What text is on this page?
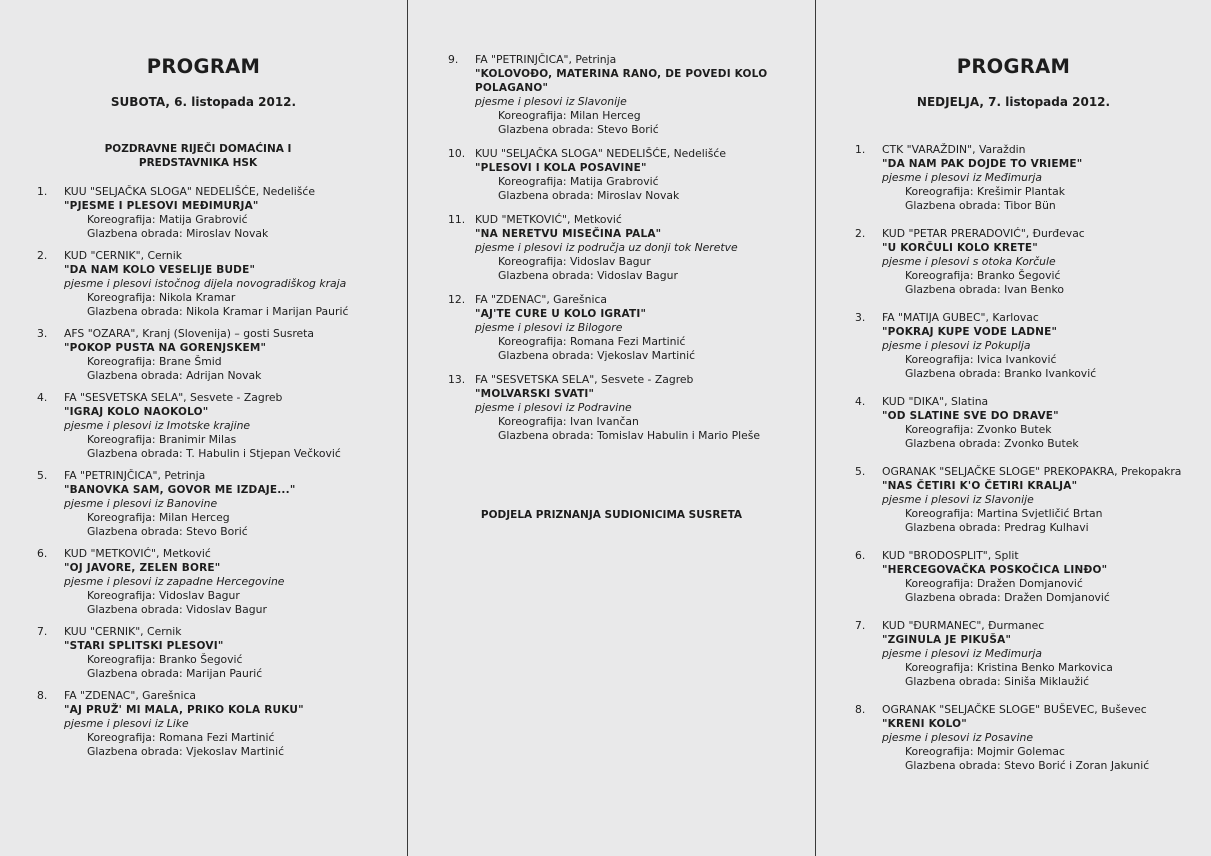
PROGRAM

SUBOTA, 6. listopada 2012.

POZDRAVNE RIJEČI DOMAĆINA I PREDSTAVNIKA HSK

1. KUU "SELJAČKA SLOGA" NEDELIŠĆE, Nedelišće
"PJESME I PLESOVI MEĐIMURJA"
Koreografija: Matija Grabrović
Glazbena obrada: Miroslav Novak
2. KUD "CERNIK", Cernik
"DA NAM KOLO VESELIJE BUDE"
pjesme i plesovi istočnog dijela novogradiškog kraja
Koreografija: Nikola Kramar
Glazbena obrada: Nikola Kramar i Marijan Paurić
3. AFS "OZARA", Kranj (Slovenija) – gosti Susreta
"POKOP PUSTA NA GORENJSKEM"
Koreografija: Brane Šmid
Glazbena obrada: Adrijan Novak
4. FA "SESVETSKA SELA", Sesvete - Zagreb
"IGRAJ KOLO NAOKOLO"
pjesme i plesovi iz Imotske krajine
Koreografija: Branimir Milas
Glazbena obrada: T. Habulin i Stjepan Večković
5. FA "PETRINJČICA", Petrinja
"BANOVKA SAM, GOVOR ME IZDAJE..."
pjesme i plesovi iz Banovine
Koreografija: Milan Herceg
Glazbena obrada: Stevo Borić
6. KUD "METKOVIĆ", Metković
"OJ JAVORE, ZELEN BORE"
pjesme i plesovi iz zapadne Hercegovine
Koreografija: Vidoslav Bagur
Glazbena obrada: Vidoslav Bagur
7. KUU "CERNIK", Cernik
"STARI SPLITSKI PLESOVI"
Koreografija: Branko Šegović
Glazbena obrada: Marijan Paurić
8. FA "ZDENAC", Garešnica
"AJ PRUŽ' MI MALA, PRIKO KOLA RUKU"
pjesme i plesovi iz Like
Koreografija: Romana Fezi Martinić
Glazbena obrada: Vjekoslav Martinić
9. FA "PETRINJČICA", Petrinja
"KOLOVOĐO, MATERINA RANO, DE POVEDI KOLO POLAGANO"
pjesme i plesovi iz Slavonije
Koreografija: Milan Herceg
Glazbena obrada: Stevo Borić
10. KUU "SELJAČKA SLOGA" NEDELIŠĆE, Nedelišće
"PLESOVI I KOLA POSAVINE"
Koreografija: Matija Grabrović
Glazbena obrada: Miroslav Novak
11. KUD "METKOVIĆ", Metković
"NA NERETVU MISEČINA PALA"
pjesme i plesovi iz područja uz donji tok Neretve
Koreografija: Vidoslav Bagur
Glazbena obrada: Vidoslav Bagur
12. FA "ZDENAC", Garešnica
"AJ'TE CURE U KOLO IGRATI"
pjesme i plesovi iz Bilogore
Koreografija: Romana Fezi Martinić
Glazbena obrada: Vjekoslav Martinić
13. FA "SESVETSKA SELA", Sesvete - Zagreb
"MOLVARSKI SVATI"
pjesme i plesovi iz Podravine
Koreografija: Ivan Ivančan
Glazbena obrada: Tomislav Habulin i Mario Pleše

PODJELA PRIZNANJA SUDIONICIMA SUSRETA

PROGRAM

NEDJELJA, 7. listopada 2012.

1. CTK "VARAŽDIN", Varaždin
"DA NAM PAK DOJDE TO VRIEME"
pjesme i plesovi iz Međimurja
Koreografija: Krešimir Plantak
Glazbena obrada: Tibor Bün
2. KUD "PETAR PRERADOVIĆ", Đurđevac
"U KORČULI KOLO KRETE"
pjesme i plesovi s otoka Korčule
Koreografija: Branko Šegović
Glazbena obrada: Ivan Benko
3. FA "MATIJA GUBEC", Karlovac
"POKRAJ KUPE VODE LADNE"
pjesme i plesovi iz Pokuplja
Koreografija: Ivica Ivanković
Glazbena obrada: Branko Ivanković
4. KUD "DIKA", Slatina
"OD SLATINE SVE DO DRAVE"
Koreografija: Zvonko Butek
Glazbena obrada: Zvonko Butek
5. OGRANAK "SELJAČKE SLOGE" PREKOPAKRA, Prekopakra
"NAS ČETIRI K'O ČETIRI KRALJA"
pjesme i plesovi iz Slavonije
Koreografija: Martina Svjetličić Brtan
Glazbena obrada: Predrag Kulhavi
6. KUD "BRODOSPLIT", Split
"HERCEGOVAČKA POSKOČICA LINĐO"
Koreografija: Dražen Domjanović
Glazbena obrada: Dražen Domjanović
7. KUD "ĐURMANEC", Đurmanec
"ZGINULA JE PIKUŠA"
pjesme i plesovi iz Međimurja
Koreografija: Kristina Benko Markovica
Glazbena obrada: Siniša Miklaužić
8. OGRANAK "SELJAČKE SLOGE" BUŠEVEC, Buševec
"KRENI KOLO"
pjesme i plesovi iz Posavine
Koreografija: Mojmir Golemac
Glazbena obrada: Stevo Borić i Zoran Jakunić
